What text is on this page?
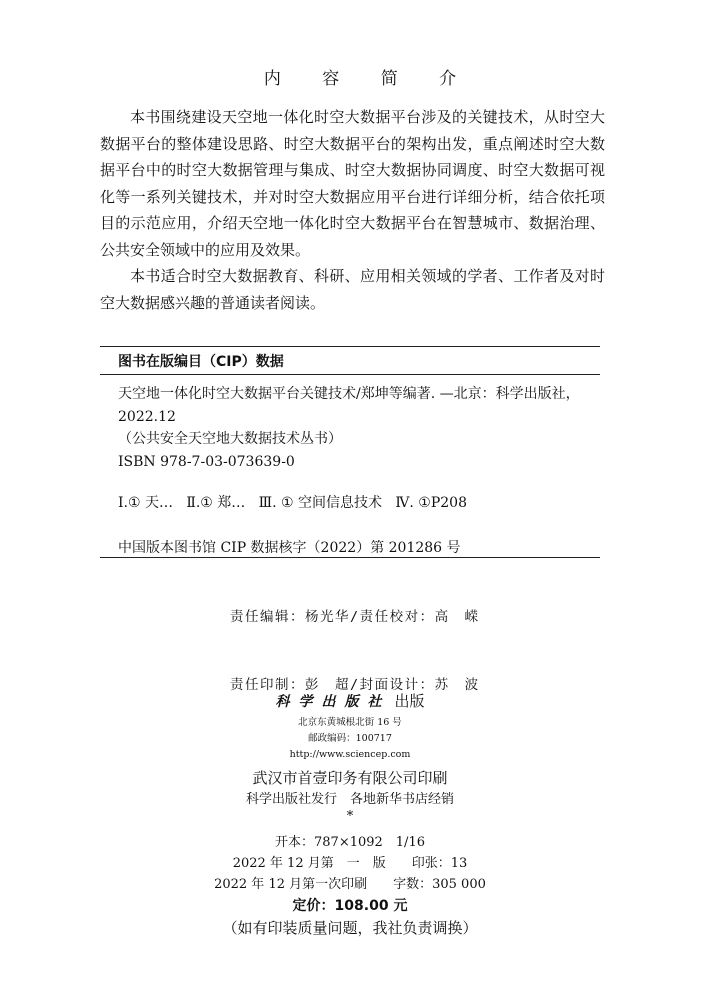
内 容 简 介

本书围绕建设天空地一体化时空大数据平台涉及的关键技术，从时空大数据平台的整体建设思路、时空大数据平台的架构出发，重点阐述时空大数据平台中的时空大数据管理与集成、时空大数据协同调度、时空大数据可视化等一系列关键技术，并对时空大数据应用平台进行详细分析，结合依托项目的示范应用，介绍天空地一体化时空大数据平台在智慧城市、数据治理、公共安全领域中的应用及效果。

本书适合时空大数据教育、科研、应用相关领域的学者、工作者及对时空大数据感兴趣的普通读者阅读。

图书在版编目（CIP）数据
天空地一体化时空大数据平台关键技术/郑坤等编著. —北京：科学出版社，2022.12
（公共安全天空地大数据技术丛书）
ISBN 978-7-03-073639-0
Ⅰ.① 天…   Ⅱ.① 郑…   Ⅲ. ① 空间信息技术   Ⅳ. ①P208
中国版本图书馆 CIP 数据核字（2022）第 201286 号

责任编辑：杨光华/责任校对：高　嵘

责任印制：彭　超/封面设计：苏　波

科学出版社 出版
北京东黄城根北街 16 号
邮政编码：100717
http://www.sciencep.com
武汉市首壹印务有限公司印刷
科学出版社发行　各地新华书店经销
*
开本：787×1092　1/16
2022 年 12 月第　一　版　　印张：13
2022 年 12 月第一次印刷　　字数：305 000
定价：108.00 元
（如有印装质量问题，我社负责调换）
